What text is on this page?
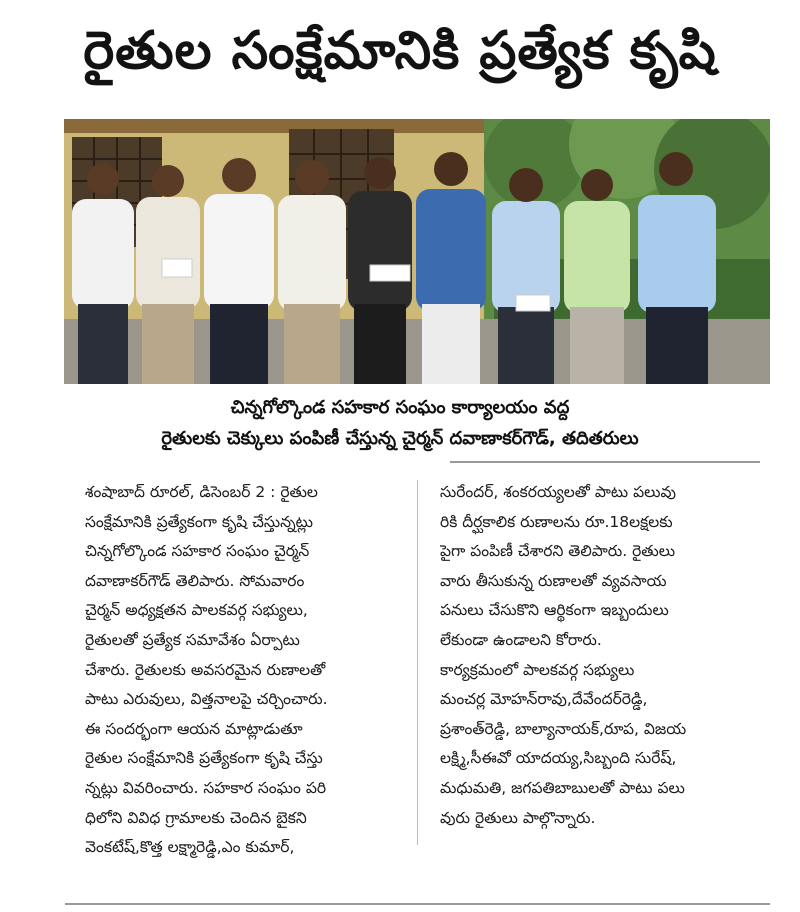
రైతుల సంక్షేమానికి ప్రత్యేక కృషి
చిన్నగోల్కొండ సహకార సంఘం కార్యాలయం వద్ద
రైతులకు చెక్కులు పంపిణీ చేస్తున్న చైర్మన్ దవాణాకర్‌గౌడ్, తదితరులు
శంషాబాద్ రూరల్, డిసెంబర్ 2 : రైతుల
సంక్షేమానికి ప్రత్యేకంగా కృషి చేస్తున్నట్లు
చిన్నగోల్కొండ సహకార సంఘం చైర్మన్
దవాణాకర్‌గౌడ్ తెలిపారు. సోమవారం
చైర్మన్ అధ్యక్షతన పాలకవర్గ సభ్యులు,
రైతులతో ప్రత్యేక సమావేశం ఏర్పాటు
చేశారు. రైతులకు అవసరమైన రుణాలతో
పాటు ఎరువులు, విత్తనాలపై చర్చించారు.
ఈ సందర్భంగా ఆయన మాట్లాడుతూ
రైతుల సంక్షేమానికి ప్రత్యేకంగా కృషి చేస్తు
న్నట్లు వివరించారు. సహకార సంఘం పరి
ధిలోని వివిధ గ్రామాలకు చెందిన బైకని
వెంకటేష్,కొత్త లక్ష్మారెడ్డి,ఎం కుమార్,
సురేందర్, శంకరయ్యలతో పాటు పలువు
రికి దీర్ఘకాలిక రుణాలను రూ.18లక్షలకు
పైగా పంపిణీ చేశారని తెలిపారు. రైతులు
వారు తీసుకున్న రుణాలతో వ్యవసాయ
పనులు చేసుకొని ఆర్థికంగా ఇబ్బందులు
లేకుండా ఉండాలని కోరారు.
కార్యక్రమంలో పాలకవర్గ సభ్యులు
మంచర్ల మోహన్‌రావు,దేవేందర్‌రెడ్డి,
ప్రశాంత్‌రెడ్డి, బాల్యానాయక్,రూప, విజయ
లక్ష్మి,సీఈవో యాదయ్య,సిబ్బంది సురేష్,
మధుమతి, జగపతిబాబులతో పాటు పలు
వురు రైతులు పాల్గొన్నారు.
